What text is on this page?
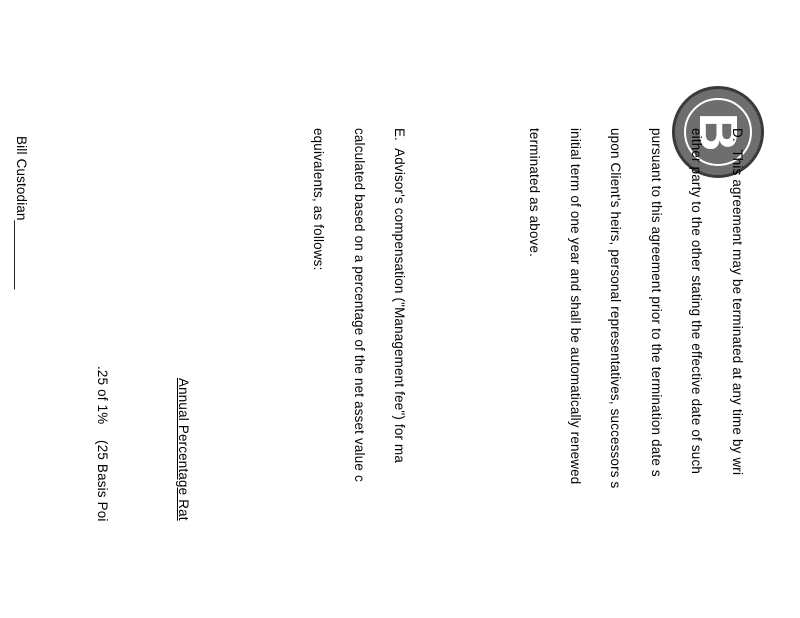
B

D.  This agreement may be terminated at any time by wri

either party to the other stating the effective date of such

pursuant to this agreement prior to the termination date s

upon Client's heirs, personal representatives, successors s

initial term of one year and shall be automatically renewed

terminated as above.

E.  Advisor's compensation ("Management fee") for ma

calculated based on a percentage of the net asset value c

equivalents, as follows:

Annual Percentage Rat

.25 of 1%    (25 Basis Poi

Bill Custodian_________
